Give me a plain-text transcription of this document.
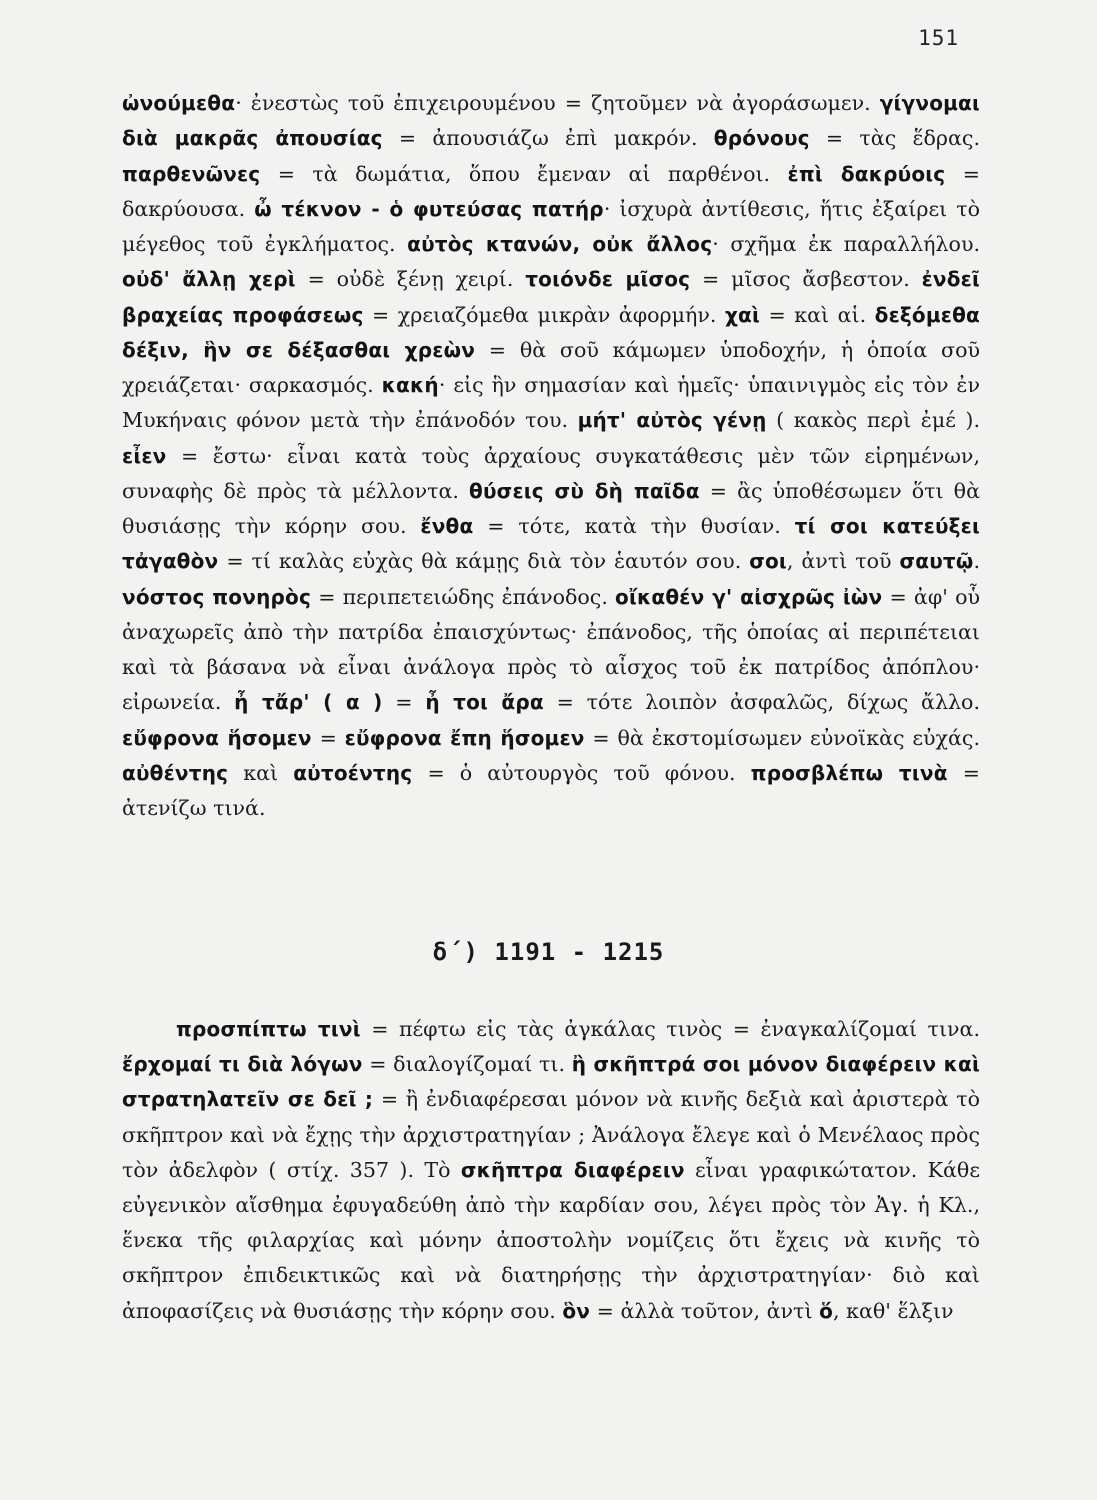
151

ὠνούμεθα· ἐνεστὼς τοῦ ἐπιχειρουμένου = ζητοῦμεν νὰ ἀγοράσωμεν. γίγνομαι διὰ μακρᾶς ἀπουσίας = ἀπουσιάζω ἐπὶ μακρόν. θρόνους = τὰς ἕδρας. παρθενῶνες = τὰ δωμάτια, ὅπου ἔμεναν αἱ παρθένοι. ἐπὶ δακρύοις = δακρύουσα. ὦ τέκνον - ὁ φυτεύσας πατήρ· ἰσχυρὰ ἀντίθεσις, ἥτις ἐξαίρει τὸ μέγεθος τοῦ ἐγκλήματος. αὐτὸς κτανών, οὐκ ἄλλος· σχῆμα ἐκ παραλλήλου. οὐδ' ἄλλῃ χερὶ = οὐδὲ ξένῃ χειρί. τοιόνδε μῖσος = μῖσος ἄσβεστον. ἐνδεῖ βραχείας προφάσεως = χρειαζόμεθα μικρὰν ἀφορμήν. χαὶ = καὶ αἱ. δεξόμεθα δέξιν, ἣν σε δέξασθαι χρεὼν = θὰ σοῦ κάμωμεν ὑποδοχήν, ἡ ὁποία σοῦ χρειάζεται· σαρκασμός. κακή· εἰς ἣν σημασίαν καὶ ἡμεῖς· ὑπαινιγμὸς εἰς τὸν ἐν Μυκήναις φόνον μετὰ τὴν ἐπάνοδόν του. μήτ' αὐτὸς γένῃ ( κακὸς περὶ ἐμέ ). εἶεν = ἔστω· εἶναι κατὰ τοὺς ἀρχαίους συγκατάθεσις μὲν τῶν εἰρημένων, συναφὴς δὲ πρὸς τὰ μέλλοντα. θύσεις σὺ δὴ παῖδα = ἂς ὑποθέσωμεν ὅτι θὰ θυσιάσῃς τὴν κόρην σου. ἔνθα = τότε, κατὰ τὴν θυσίαν. τί σοι κατεύξει τἀγαθὸν = τί καλὰς εὐχὰς θὰ κάμῃς διὰ τὸν ἑαυτόν σου. σοι, ἀντὶ τοῦ σαυτῷ. νόστος πονηρὸς = περιπετειώδης ἐπάνοδος. οἴκαθέν γ' αἰσχρῶς ἰὼν = ἀφ' οὗ ἀναχωρεῖς ἀπὸ τὴν πατρίδα ἐπαισχύντως· ἐπάνοδος, τῆς ὁποίας αἱ περιπέτειαι καὶ τὰ βάσανα νὰ εἶναι ἀνάλογα πρὸς τὸ αἶσχος τοῦ ἐκ πατρίδος ἀπόπλου· εἰρωνεία. ἦ τἄρ' ( α ) = ἦ τοι ἄρα = τότε λοιπὸν ἀσφαλῶς, δίχως ἄλλο. εὔφρονα ἥσομεν = εὔφρονα ἔπη ἥσομεν = θὰ ἐκστομίσωμεν εὐνοϊκὰς εὐχάς. αὐθέντης καὶ αὐτοέντης = ὁ αὐτουργὸς τοῦ φόνου. προσβλέπω τινὰ = ἀτενίζω τινά.

δ΄) 1191 - 1215

προσπίπτω τινὶ = πέφτω εἰς τὰς ἀγκάλας τινὸς = ἐναγκαλίζομαί τινα. ἔρχομαί τι διὰ λόγων = διαλογίζομαί τι. ἢ σκῆπτρά σοι μόνον διαφέρειν καὶ στρατηλατεῖν σε δεῖ ; = ἢ ἐνδιαφέρεσαι μόνον νὰ κινῆς δεξιὰ καὶ ἀριστερὰ τὸ σκῆπτρον καὶ νὰ ἔχῃς τὴν ἀρχιστρατηγίαν ; Ἀνάλογα ἔλεγε καὶ ὁ Μενέλαος πρὸς τὸν ἀδελφὸν ( στίχ. 357 ). Τὸ σκῆπτρα διαφέρειν εἶναι γραφικώτατον. Κάθε εὐγενικὸν αἴσθημα ἐφυγαδεύθη ἀπὸ τὴν καρδίαν σου, λέγει πρὸς τὸν Ἀγ. ἡ Κλ., ἕνεκα τῆς φιλαρχίας καὶ μόνην ἀποστολὴν νομίζεις ὅτι ἔχεις νὰ κινῆς τὸ σκῆπτρον ἐπιδεικτικῶς καὶ νὰ διατηρήσῃς τὴν ἀρχιστρατηγίαν· διὸ καὶ ἀποφασίζεις νὰ θυσιάσῃς τὴν κόρην σου. ὃν = ἀλλὰ τοῦτον, ἀντὶ ὅ, καθ' ἕλξιν
